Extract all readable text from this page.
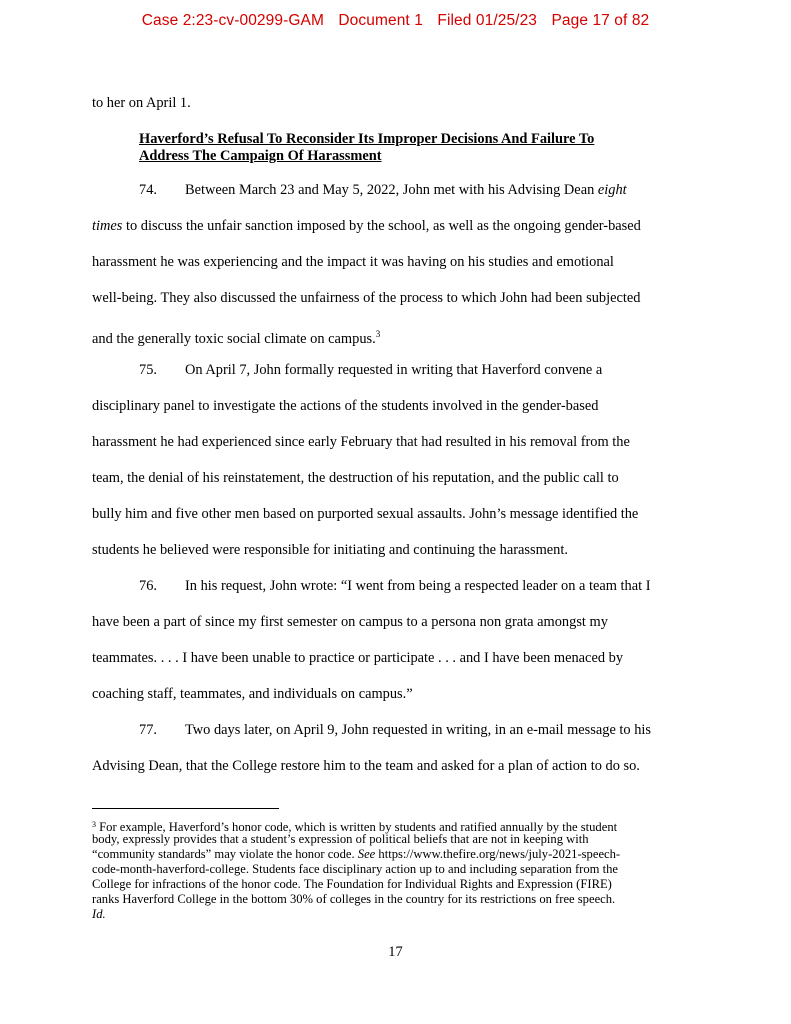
Case 2:23-cv-00299-GAM Document 1 Filed 01/25/23 Page 17 of 82
to her on April 1.
Haverford’s Refusal To Reconsider Its Improper Decisions And Failure To
Address The Campaign Of Harassment
74. Between March 23 and May 5, 2022, John met with his Advising Dean eight
times to discuss the unfair sanction imposed by the school, as well as the ongoing gender-based
harassment he was experiencing and the impact it was having on his studies and emotional
well-being. They also discussed the unfairness of the process to which John had been subjected
and the generally toxic social climate on campus.$^3$
75. On April 7, John formally requested in writing that Haverford convene a
disciplinary panel to investigate the actions of the students involved in the gender-based
harassment he had experienced since early February that had resulted in his removal from the
team, the denial of his reinstatement, the destruction of his reputation, and the public call to
bully him and five other men based on purported sexual assaults. John’s message identified the
students he believed were responsible for initiating and continuing the harassment.
76. In his request, John wrote: “I went from being a respected leader on a team that I
have been a part of since my first semester on campus to a persona non grata amongst my
teammates. . . . I have been unable to practice or participate . . . and I have been menaced by
coaching staff, teammates, and individuals on campus.”
77. Two days later, on April 9, John requested in writing, in an e-mail message to his
Advising Dean, that the College restore him to the team and asked for a plan of action to do so.
$^3$ For example, Haverford’s honor code, which is written by students and ratified annually by the student
body, expressly provides that a student’s expression of political beliefs that are not in keeping with
“community standards” may violate the honor code. See https://www.thefire.org/news/july-2021-speech-
code-month-haverford-college. Students face disciplinary action up to and including separation from the
College for infractions of the honor code. The Foundation for Individual Rights and Expression (FIRE)
ranks Haverford College in the bottom 30% of colleges in the country for its restrictions on free speech.
Id.
17
